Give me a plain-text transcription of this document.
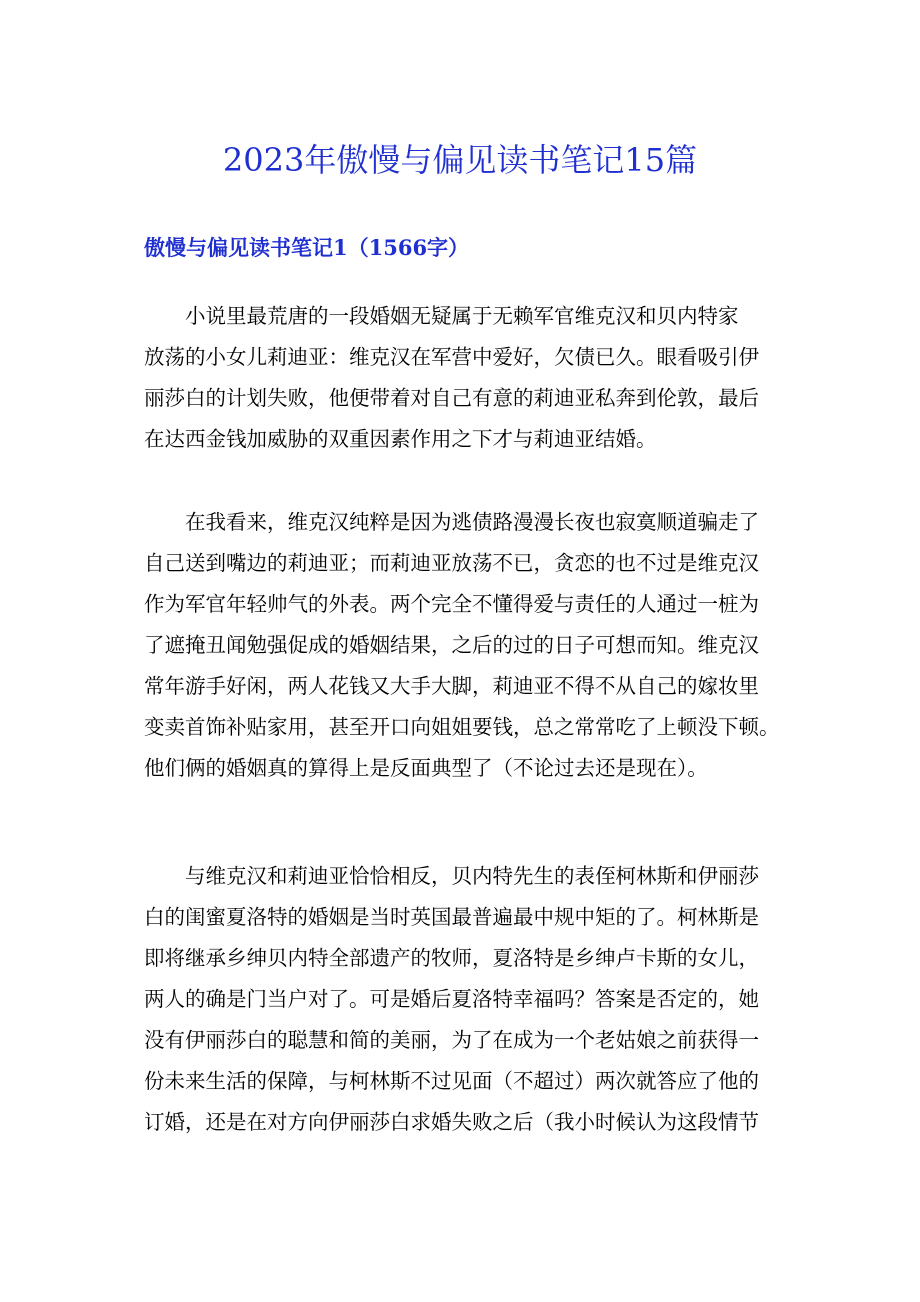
2023年傲慢与偏见读书笔记15篇
傲慢与偏见读书笔记1（1566字）
　　小说里最荒唐的一段婚姻无疑属于无赖军官维克汉和贝内特家
放荡的小女儿莉迪亚：维克汉在军营中爱好，欠债已久。眼看吸引伊
丽莎白的计划失败，他便带着对自己有意的莉迪亚私奔到伦敦，最后
在达西金钱加威胁的双重因素作用之下才与莉迪亚结婚。
　　在我看来，维克汉纯粹是因为逃债路漫漫长夜也寂寞顺道骗走了
自己送到嘴边的莉迪亚；而莉迪亚放荡不已，贪恋的也不过是维克汉
作为军官年轻帅气的外表。两个完全不懂得爱与责任的人通过一桩为
了遮掩丑闻勉强促成的婚姻结果，之后的过的日子可想而知。维克汉
常年游手好闲，两人花钱又大手大脚，莉迪亚不得不从自己的嫁妆里
变卖首饰补贴家用，甚至开口向姐姐要钱，总之常常吃了上顿没下顿。
他们俩的婚姻真的算得上是反面典型了（不论过去还是现在）。
　　与维克汉和莉迪亚恰恰相反，贝内特先生的表侄柯林斯和伊丽莎
白的闺蜜夏洛特的婚姻是当时英国最普遍最中规中矩的了。柯林斯是
即将继承乡绅贝内特全部遗产的牧师，夏洛特是乡绅卢卡斯的女儿，
两人的确是门当户对了。可是婚后夏洛特幸福吗？答案是否定的，她
没有伊丽莎白的聪慧和简的美丽，为了在成为一个老姑娘之前获得一
份未来生活的保障，与柯林斯不过见面（不超过）两次就答应了他的
订婚，还是在对方向伊丽莎白求婚失败之后（我小时候认为这段情节
